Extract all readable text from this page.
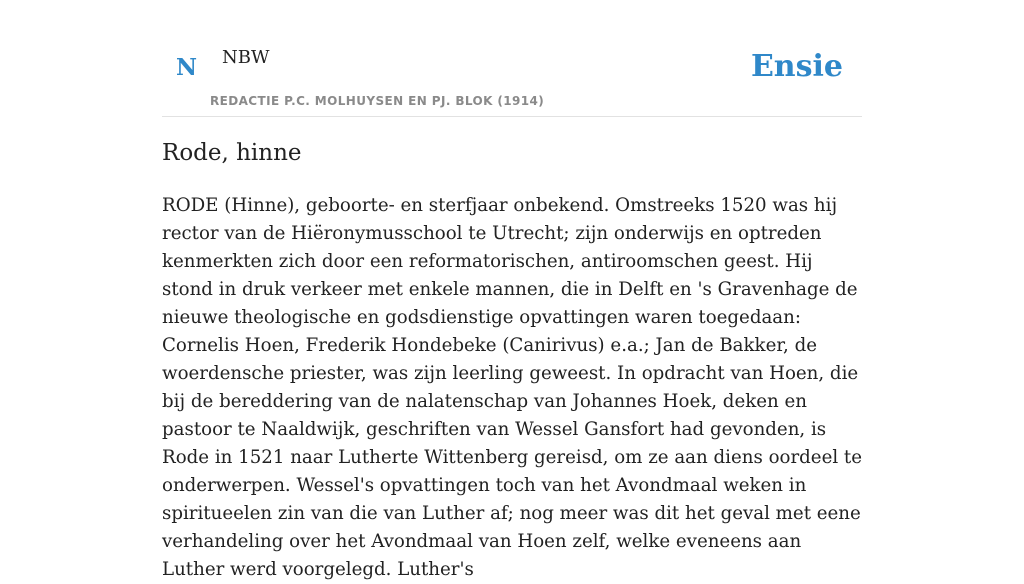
N NBW
REDACTIE P.C. MOLHUYSEN EN PJ. BLOK (1914)
Ensie
Rode, hinne

RODE (Hinne), geboorte- en sterfjaar onbekend. Omstreeks 1520 was hij rector van de Hiëronymusschool te Utrecht; zijn onderwijs en optreden kenmerkten zich door een reformatorischen, antiroomschen geest. Hij stond in druk verkeer met enkele mannen, die in Delft en 's Gravenhage de nieuwe theologische en godsdienstige opvattingen waren toegedaan: Cornelis Hoen, Frederik Hondebeke (Canirivus) e.a.; Jan de Bakker, de woerdensche priester, was zijn leerling geweest. In opdracht van Hoen, die bij de bereddering van de nalatenschap van Johannes Hoek, deken en pastoor te Naaldwijk, geschriften van Wessel Gansfort had gevonden, is Rode in 1521 naar Lutherte Wittenberg gereisd, om ze aan diens oordeel te onderwerpen. Wessel's opvattingen toch van het Avondmaal weken in spiritueelen zin van die van Luther af; nog meer was dit het geval met eene verhandeling over het Avondmaal van Hoen zelf, welke eveneens aan Luther werd voorgelegd. Luther's
